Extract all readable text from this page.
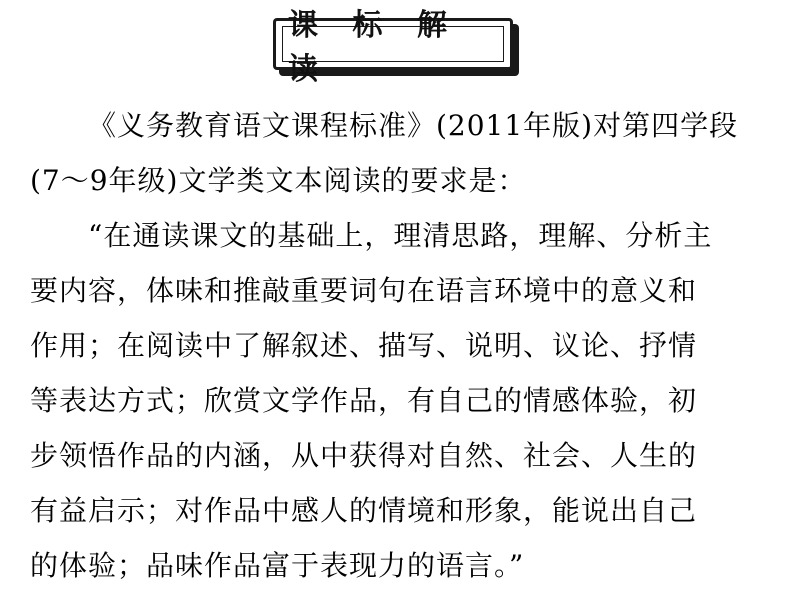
课 标 解 读
《义务教育语文课程标准》(2011年版)对第四学段
(7～9年级)文学类文本阅读的要求是：
“在通读课文的基础上，理清思路，理解、分析主
要内容，体味和推敲重要词句在语言环境中的意义和
作用；在阅读中了解叙述、描写、说明、议论、抒情
等表达方式；欣赏文学作品，有自己的情感体验，初
步领悟作品的内涵，从中获得对自然、社会、人生的
有益启示；对作品中感人的情境和形象，能说出自己
的体验；品味作品富于表现力的语言。”
